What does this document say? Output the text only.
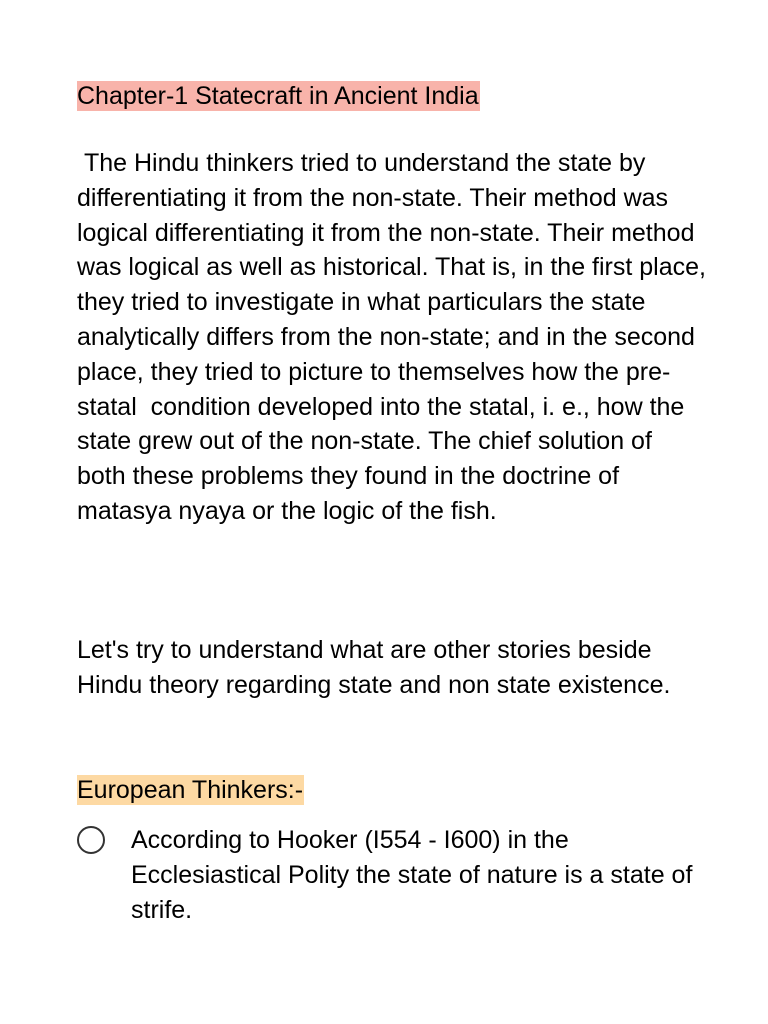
Chapter-1 Statecraft in Ancient India

The Hindu thinkers tried to understand the state by differentiating it from the non-state. Their method was logical differentiating it from the non-state. Their method was logical as well as historical. That is, in the first place, they tried to investigate in what particulars the state analytically differs from the non-state; and in the second place, they tried to picture to themselves how the pre- statal  condition developed into the statal, i. e., how the state grew out of the non-state. The chief solution of both these problems they found in the doctrine of matasya nyaya or the logic of the fish.

Let's try to understand what are other stories beside Hindu theory regarding state and non state existence.

European Thinkers:-

According to Hooker (I554 - I600) in the Ecclesiastical Polity the state of nature is a state of strife.
